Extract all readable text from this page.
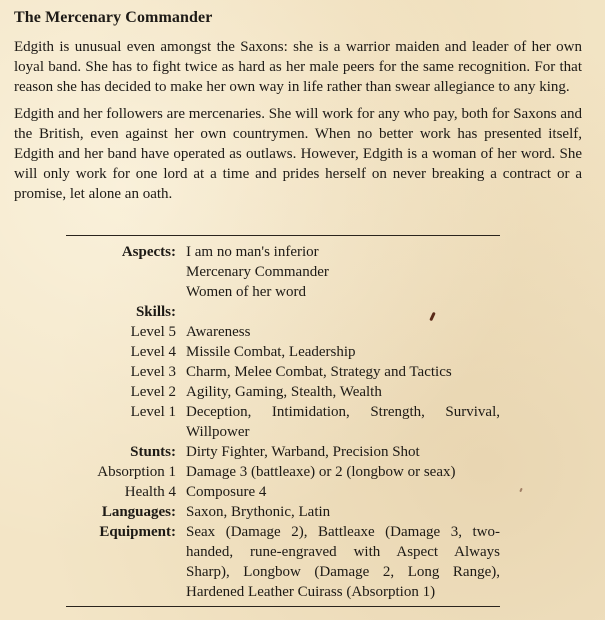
The Mercenary Commander

Edgith is unusual even amongst the Saxons: she is a warrior maiden and leader of her own loyal band. She has to fight twice as hard as her male peers for the same recognition. For that reason she has decided to make her own way in life rather than swear allegiance to any king.

Edgith and her followers are mercenaries. She will work for any who pay, both for Saxons and the British, even against her own countrymen. When no better work has presented itself, Edgith and her band have operated as outlaws. However, Edgith is a woman of her word. She will only work for one lord at a time and prides herself on never breaking a contract or a promise, let alone an oath.

Aspects: I am no man's inferior
Mercenary Commander
Women of her word
Skills:
Level 5 Awareness
Level 4 Missile Combat, Leadership
Level 3 Charm, Melee Combat, Strategy and Tactics
Level 2 Agility, Gaming, Stealth, Wealth
Level 1 Deception, Intimidation, Strength, Survival,
Willpower
Stunts: Dirty Fighter, Warband, Precision Shot
Absorption 1 Damage 3 (battleaxe) or 2 (longbow or seax)
Health 4 Composure 4
Languages: Saxon, Brythonic, Latin
Equipment: Seax (Damage 2), Battleaxe (Damage 3, two-
handed, rune-engraved with Aspect Always
Sharp), Longbow (Damage 2, Long Range),
Hardened Leather Cuirass (Absorption 1)
